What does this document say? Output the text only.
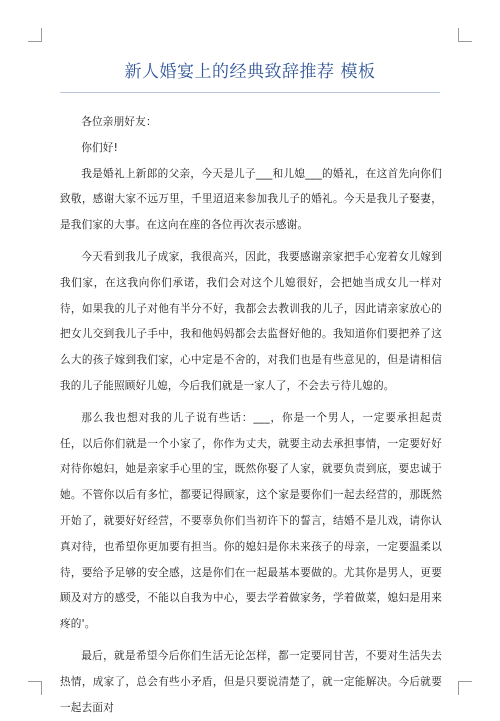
新人婚宴上的经典致辞推荐 模板

各位亲朋好友：

你们好!

我是婚礼上新郎的父亲，今天是儿子___和儿媳___的婚礼，在这首先向你们致敬，感谢大家不远万里，千里迢迢来参加我儿子的婚礼。今天是我儿子娶妻，是我们家的大事。在这向在座的各位再次表示感谢。

今天看到我儿子成家，我很高兴，因此，我要感谢亲家把手心宠着女儿嫁到我们家，在这我向你们承诺，我们会对这个儿媳很好，会把她当成女儿一样对待，如果我的儿子对他有半分不好，我都会去教训我的儿子，因此请亲家放心的把女儿交到我儿子手中，我和他妈妈都会去监督好他的。我知道你们要把养了这么大的孩子嫁到我们家，心中定是不舍的，对我们也是有些意见的，但是请相信我的儿子能照顾好儿媳，今后我们就是一家人了，不会去亏待儿媳的。

那么我也想对我的儿子说有些话：___，你是一个男人，一定要承担起责任，以后你们就是一个小家了，你作为丈夫，就要主动去承担事情，一定要好好对待你媳妇，她是亲家手心里的宝，既然你娶了人家，就要负责到底，要忠诚于她。不管你以后有多忙，都要记得顾家，这个家是要你们一起去经营的，那既然开始了，就要好好经营，不要辜负你们当初许下的誓言，结婚不是儿戏，请你认真对待，也希望你更加要有担当。你的媳妇是你未来孩子的母亲，一定要温柔以待，要给予足够的安全感，这是你们在一起最基本要做的。尤其你是男人，更要顾及对方的感受，不能以自我为中心，要去学着做家务，学着做菜，媳妇是用来疼的'。

最后，就是希望今后你们生活无论怎样，都一定要同甘苦，不要对生活失去热情，成家了，总会有些小矛盾，但是只要说清楚了，就一定能解决。今后就要一起去面对
